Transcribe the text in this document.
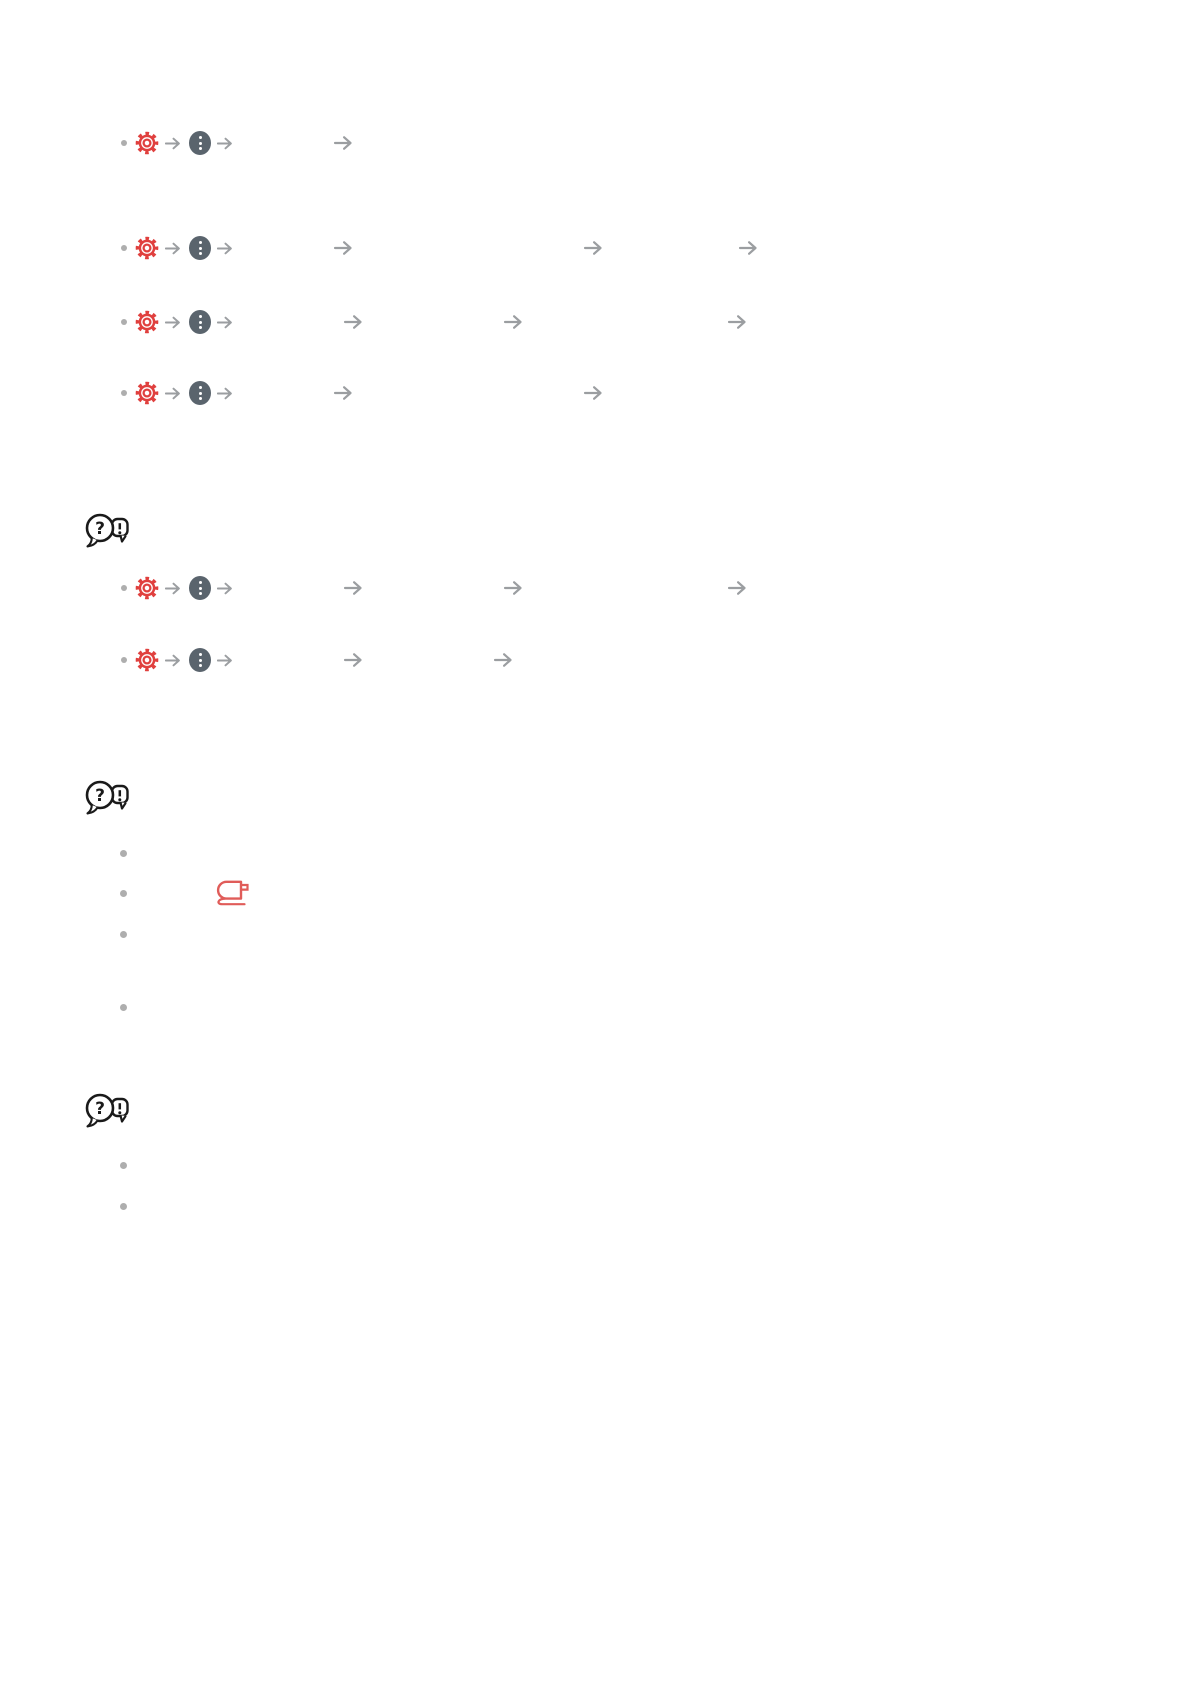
?
?
?
